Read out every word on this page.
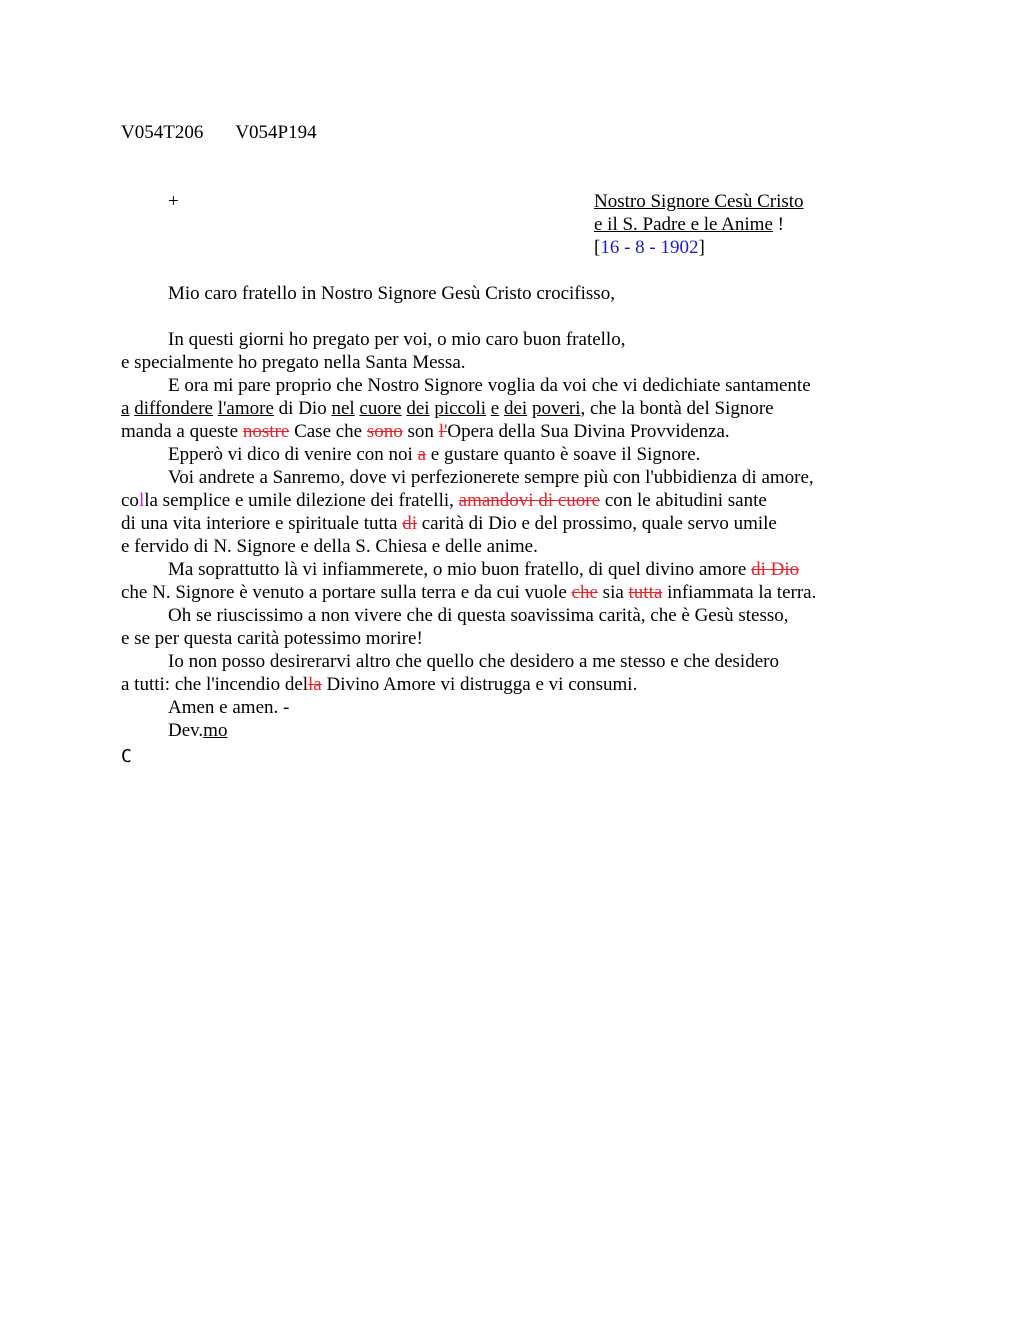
V054T206 V054P194
+	Nostro Signore Cesù Cristo
e il S. Padre e le Anime !
[16 - 8 - 1902]
Mio caro fratello in Nostro Signore Gesù Cristo crocifisso,
In questi giorni ho pregato per voi, o mio caro buon fratello,
e specialmente ho pregato nella Santa Messa.
E ora mi pare proprio che Nostro Signore voglia da voi che vi dedichiate santamente
a diffondere l'amore di Dio nel cuore dei piccoli e dei poveri, che la bontà del Signore
manda a queste nostre Case che sono son l'Opera della Sua Divina Provvidenza.
Epperò vi dico di venire con noi a e gustare quanto è soave il Signore.
Voi andrete a Sanremo, dove vi perfezionerete sempre più con l'ubbidienza di amore,
colla semplice e umile dilezione dei fratelli, amandovi di cuore con le abitudini sante
di una vita interiore e spirituale tutta di carità di Dio e del prossimo, quale servo umile
e fervido di N. Signore e della S. Chiesa e delle anime.
Ma soprattutto là vi infiammerete, o mio buon fratello, di quel divino amore di Dio
che N. Signore è venuto a portare sulla terra e da cui vuole che sia tutta infiammata la terra.
Oh se riuscissimo a non vivere che di questa soavissima carità, che è Gesù stesso,
e se per questa carità potessimo morire!
Io non posso desirerarvi altro che quello che desidero a me stesso e che desidero
a tutti: che l'incendio della Divino Amore vi distrugga e vi consumi.
Amen e amen. -
Dev.mo
C
